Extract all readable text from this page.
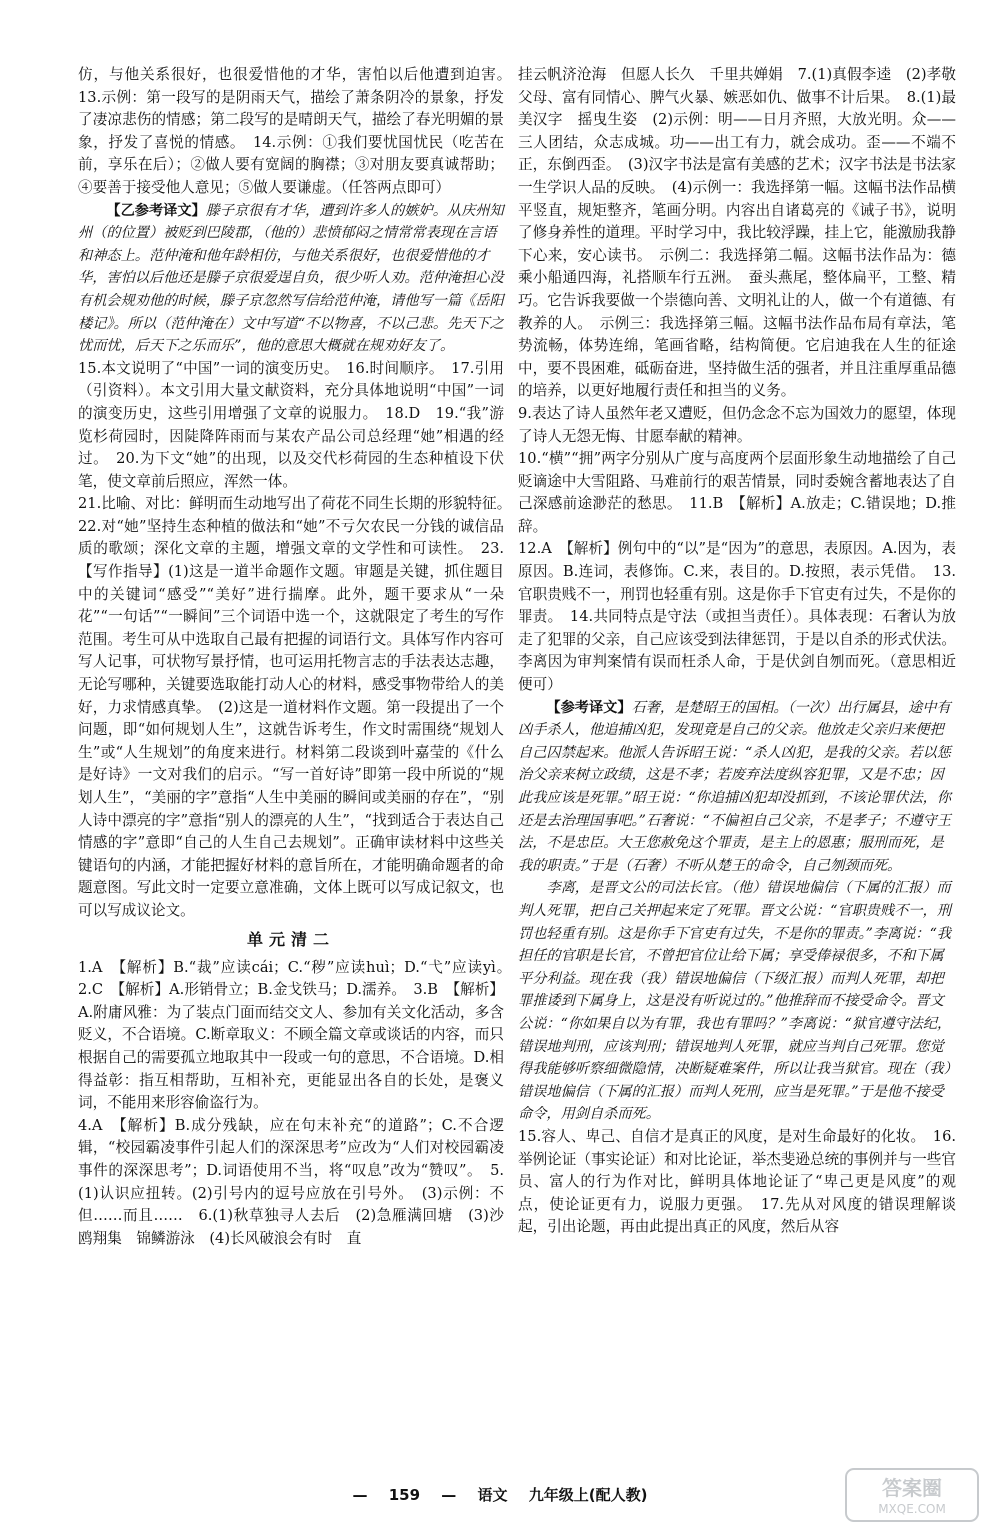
仿，与他关系很好，也很爱惜他的才华，害怕以后他遭到迫害。　13.示例：第一段写的是阴雨天气，描绘了萧条阴冷的景象，抒发了凄凉悲伤的情感；第二段写的是晴朗天气，描绘了春光明媚的景象，抒发了喜悦的情感。　14.示例：①我们要忧国忧民（吃苦在前，享乐在后）；②做人要有宽阔的胸襟；③对朋友要真诚帮助；④要善于接受他人意见；⑤做人要谦虚。（任答两点即可）

【乙参考译文】滕子京很有才华，遭到许多人的嫉妒。从庆州知州（的位置）被贬到巴陵郡，（他的）悲愤郁闷之情常常表现在言语和神态上。范仲淹和他年龄相仿，与他关系很好，也很爱惜他的才华，害怕以后他还是滕子京很爱逞自负，很少听人劝。范仲淹担心没有机会规劝他的时候，滕子京忽然写信给范仲淹，请他写一篇《岳阳楼记》。所以（范仲淹在）文中写道“不以物喜，不以己悲。先天下之忧而忧，后天下之乐而乐”，他的意思大概就在规劝好友了。

15.本文说明了“中国”一词的演变历史。　16.时间顺序。　17.引用（引资料）。本文引用大量文献资料，充分具体地说明“中国”一词的演变历史，这些引用增强了文章的说服力。　18.D　19.“我”游览杉荷园时，因陡降阵雨而与某农产品公司总经理“她”相遇的经过。　20.为下文“她”的出现，以及交代杉荷园的生态种植设下伏笔，使文章前后照应，浑然一体。

21.比喻、对比：鲜明而生动地写出了荷花不同生长期的形貌特征。　22.对“她”坚持生态种植的做法和“她”不亏欠农民一分钱的诚信品质的歌颂；深化文章的主题，增强文章的文学性和可读性。　23.【写作指导】(1)这是一道半命题作文题。审题是关键，抓住题目中的关键词“感受”“美好”进行揣摩。此外，题干要求从“一朵花”“一句话”“一瞬间”三个词语中选一个，这就限定了考生的写作范围。考生可从中选取自己最有把握的词语行文。具体写作内容可写人记事，可状物写景抒情，也可运用托物言志的手法表达志趣，无论写哪种，关键要选取能打动人心的材料，感受事物带给人的美好，力求情感真挚。　(2)这是一道材料作文题。第一段提出了一个问题，即“如何规划人生”，这就告诉考生，作文时需围绕“规划人生”或“人生规划”的角度来进行。材料第二段谈到叶嘉莹的《什么是好诗》一文对我们的启示。“写一首好诗”即第一段中所说的“规划人生”，“美丽的字”意指“人生中美丽的瞬间或美丽的存在”，“别人诗中漂亮的字”意指“别人的漂亮的人生”，“找到适合于表达自己情感的字”意即“自己的人生自己去规划”。正确审读材料中这些关键语句的内涵，才能把握好材料的意旨所在，才能明确命题者的命题意图。写此文时一定要立意准确，文体上既可以写成记叙文，也可以写成议论文。

单元清二

1.A　【解析】B.“裁”应读cái；C.“秽”应读huì；D.“弋”应读yì。　2.C　【解析】A.形销骨立；B.金戈铁马；D.濡养。　3.B　【解析】A.附庸风雅：为了装点门面而结交文人、参加有关文化活动，多含贬义，不合语境。C.断章取义：不顾全篇文章或谈话的内容，而只根据自己的需要孤立地取其中一段或一句的意思，不合语境。D.相得益彰：指互相帮助，互相补充，更能显出各自的长处，是褒义词，不能用来形容偷盗行为。

4.A　【解析】B.成分残缺，应在句末补充“的道路”；C.不合逻辑，“校园霸凌事件引起人们的深深思考”应改为“人们对校园霸凌事件的深深思考”；D.词语使用不当，将“叹息”改为“赞叹”。　5.(1)认识应扭转。(2)引号内的逗号应放在引号外。　(3)示例：不但……而且……　6.(1)秋草独寻人去后　(2)急雁满回塘　(3)沙鸥翔集　锦鳞游泳　(4)长风破浪会有时　直

挂云帆济沧海　但愿人长久　千里共婵娟　7.(1)真假李逵　(2)孝敬父母、富有同情心、脾气火暴、嫉恶如仇、做事不计后果。　8.(1)最美汉字　摇曳生姿　(2)示例：明——日月齐照，大放光明。众——三人团结，众志成城。功——出工有力，就会成功。歪——不端不正，东倒西歪。　(3)汉字书法是富有美感的艺术；汉字书法是书法家一生学识人品的反映。　(4)示例一：我选择第一幅。这幅书法作品横平竖直，规矩整齐，笔画分明。内容出自诸葛亮的《诫子书》，说明了修身养性的道理。平时学习中，我比较浮躁，挂上它，能激励我静下心来，安心读书。　示例二：我选择第二幅。这幅书法作品为：德乘小船通四海，礼搭顺车行五洲。　蚕头燕尾，整体扁平，工整、精巧。它告诉我要做一个崇德向善、文明礼让的人，做一个有道德、有教养的人。　示例三：我选择第三幅。这幅书法作品布局有章法，笔势流畅，体势连绵，笔画省略，结构简便。它启迪我在人生的征途中，要不畏困难，砥砺奋进，坚持做生活的强者，并且注重厚重品德的培养，以更好地履行责任和担当的义务。

9.表达了诗人虽然年老又遭贬，但仍念念不忘为国效力的愿望，体现了诗人无怨无悔、甘愿奉献的精神。

10.“横”“拥”两字分别从广度与高度两个层面形象生动地描绘了自己贬谪途中大雪阻路、马难前行的艰苦情景，同时委婉含蓄地表达了自己深感前途渺茫的愁思。　11.B　【解析】A.放走；C.错误地；D.推辞。

12.A　【解析】例句中的“以”是“因为”的意思，表原因。A.因为，表原因。B.连词，表修饰。C.来，表目的。D.按照，表示凭借。　13.官职贵贱不一，刑罚也轻重有别。这是你手下官吏有过失，不是你的罪责。　14.共同特点是守法（或担当责任）。具体表现：石奢认为放走了犯罪的父亲，自己应该受到法律惩罚，于是以自杀的形式伏法。李离因为审判案情有误而枉杀人命，于是伏剑自刎而死。（意思相近便可）

【参考译文】石奢，是楚昭王的国相。（一次）出行属县，途中有凶手杀人，他追捕凶犯，发现竟是自己的父亲。他放走父亲归来便把自己囚禁起来。他派人告诉昭王说：“杀人凶犯，是我的父亲。若以惩治父亲来树立政绩，这是不孝；若废弃法度纵容犯罪，又是不忠；因此我应该是死罪。”昭王说：“你追捕凶犯却没抓到，不该论罪伏法，你还是去治理国事吧。”石奢说：“不偏袒自己父亲，不是孝子；不遵守王法，不是忠臣。大王您赦免这个罪责，是主上的恩惠；服刑而死，是我的职责。”于是（石奢）不听从楚王的命令，自己刎颈而死。
李离，是晋文公的司法长官。（他）错误地偏信（下属的汇报）而判人死罪，把自己关押起来定了死罪。晋文公说：“官职贵贱不一，刑罚也轻重有别。这是你手下官吏有过失，不是你的罪责。”李离说：“我担任的官职是长官，不曾把官位让给下属；享受俸禄很多，不和下属平分利益。现在我（我）错误地偏信（下级汇报）而判人死罪，却把罪推诿到下属身上，这是没有听说过的。”他推辞而不接受命令。晋文公说：“你如果自以为有罪，我也有罪吗？”李离说：“狱官遵守法纪，错误地判刑，应该判刑；错误地判人死罪，就应当判自己死罪。您觉得我能够听察细微隐情，决断疑难案件，所以让我当狱官。现在（我）错误地偏信（下属的汇报）而判人死刑，应当是死罪。”于是他不接受命令，用剑自杀而死。

15.容人、卑己、自信才是真正的风度，是对生命最好的化妆。　16.举例论证（事实论证）和对比论证，举杰斐逊总统的事例并与一些官员、富人的行为作对比，鲜明具体地论证了“卑己更是风度”的观点，使论证更有力，说服力更强。　17.先从对风度的错误理解谈起，引出论题，再由此提出真正的风度，然后从容

— 159 — 语文 九年级上(配人教)	答案圈
MXQE.COM
